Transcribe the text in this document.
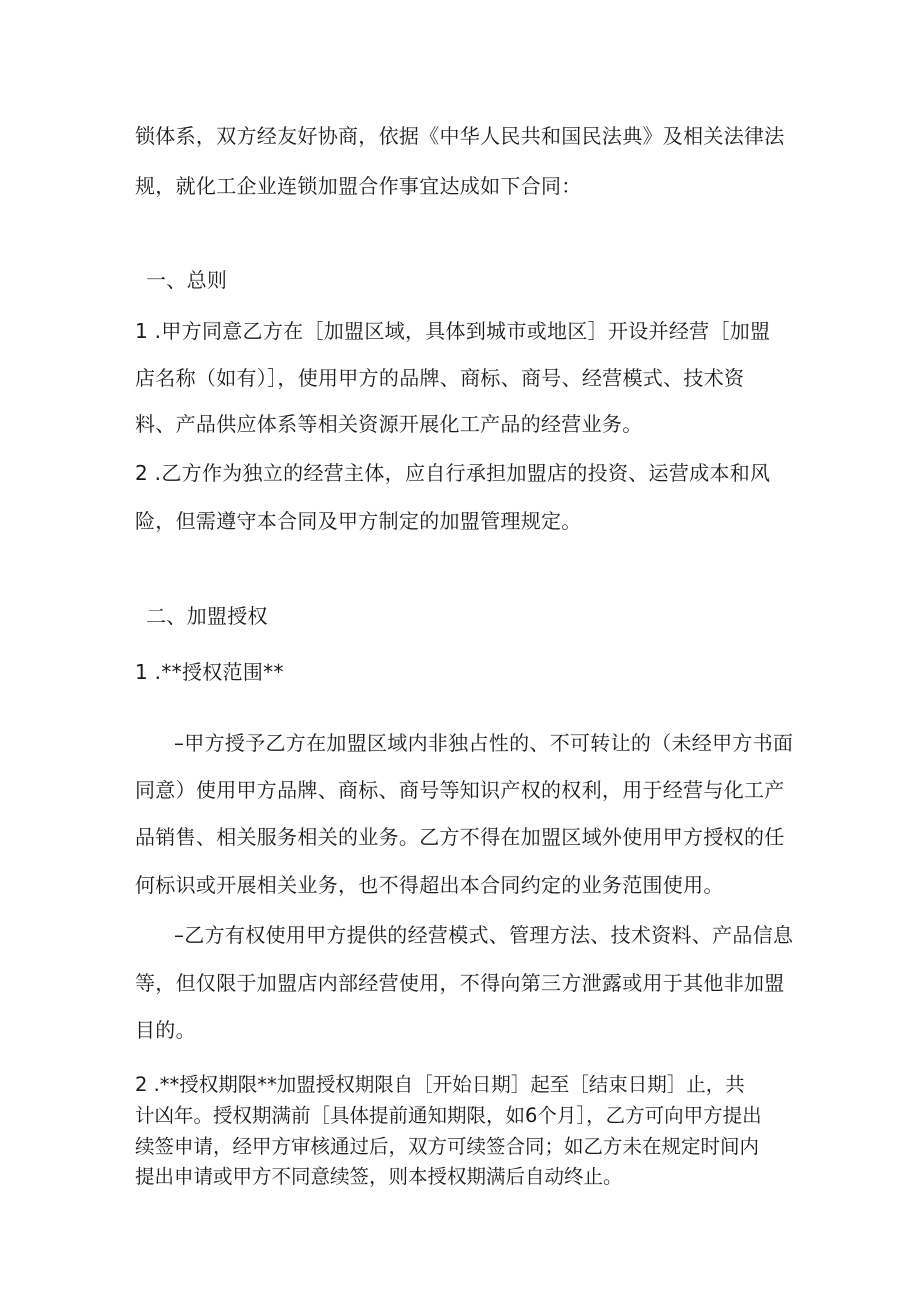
锁体系，双方经友好协商，依据《中华人民共和国民法典》及相关法律法
规，就化工企业连锁加盟合作事宜达成如下合同：
一、总则
1 .甲方同意乙方在［加盟区域，具体到城市或地区］开设并经营［加盟
店名称（如有）］，使用甲方的品牌、商标、商号、经营模式、技术资
料、产品供应体系等相关资源开展化工产品的经营业务。
2 .乙方作为独立的经营主体，应自行承担加盟店的投资、运营成本和风
险，但需遵守本合同及甲方制定的加盟管理规定。
二、加盟授权
1 .**授权范围**
–甲方授予乙方在加盟区域内非独占性的、不可转让的（未经甲方书面
同意）使用甲方品牌、商标、商号等知识产权的权利，用于经营与化工产
品销售、相关服务相关的业务。乙方不得在加盟区域外使用甲方授权的任
何标识或开展相关业务，也不得超出本合同约定的业务范围使用。
–乙方有权使用甲方提供的经营模式、管理方法、技术资料、产品信息
等，但仅限于加盟店内部经营使用，不得向第三方泄露或用于其他非加盟
目的。
2 .**授权期限**加盟授权期限自［开始日期］起至［结束日期］止，共
计凶年。授权期满前［具体提前通知期限，如6个月］，乙方可向甲方提出
续签申请，经甲方审核通过后，双方可续签合同；如乙方未在规定时间内
提出申请或甲方不同意续签，则本授权期满后自动终止。
